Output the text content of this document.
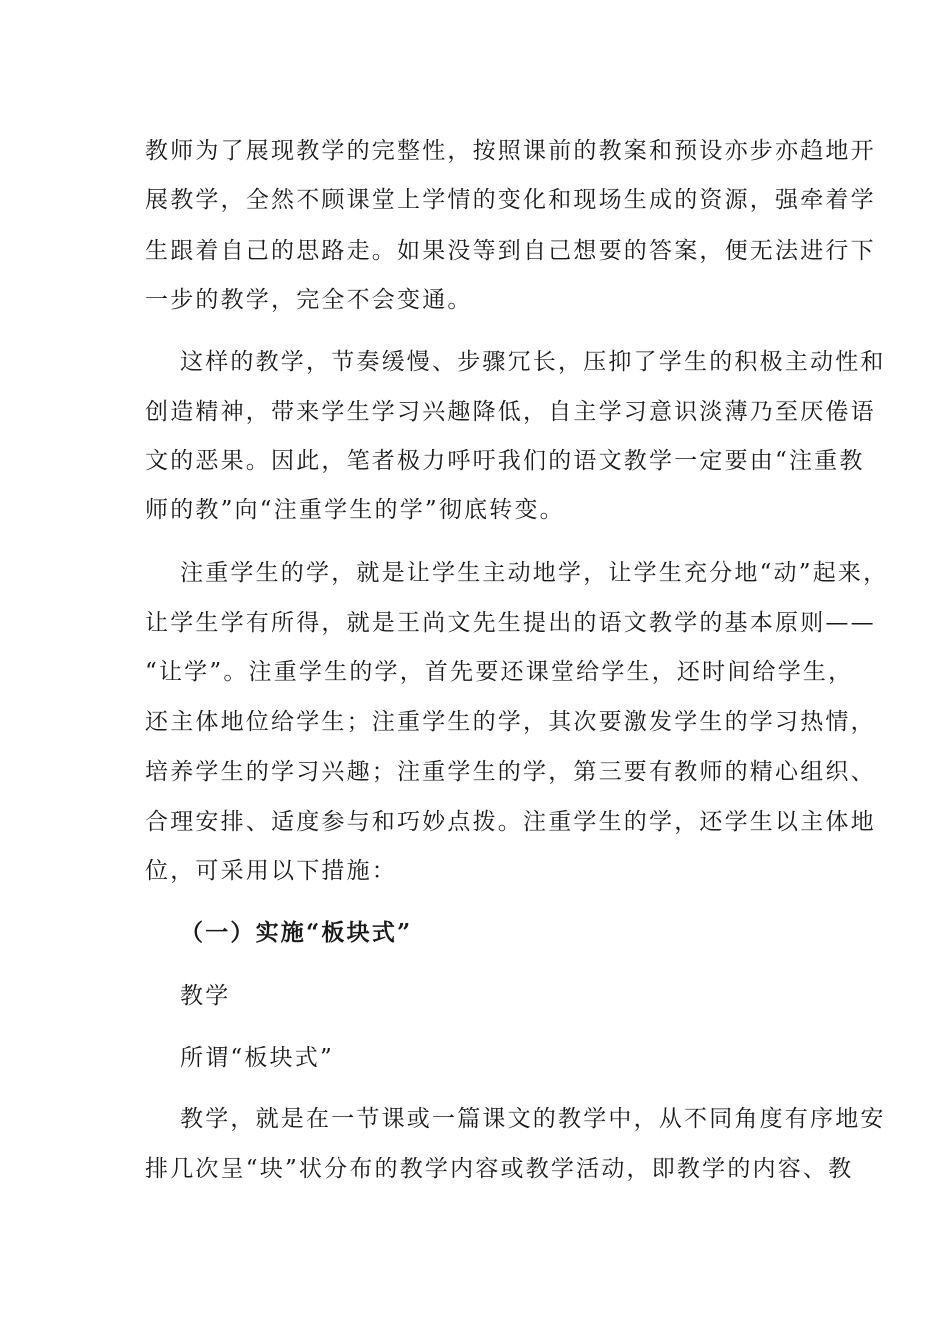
教师为了展现教学的完整性，按照课前的教案和预设亦步亦趋地开
展教学，全然不顾课堂上学情的变化和现场生成的资源，强牵着学
生跟着自己的思路走。如果没等到自己想要的答案，便无法进行下
一步的教学，完全不会变通。
这样的教学，节奏缓慢、步骤冗长，压抑了学生的积极主动性和
创造精神，带来学生学习兴趣降低，自主学习意识淡薄乃至厌倦语
文的恶果。因此，笔者极力呼吁我们的语文教学一定要由“注重教
师的教”向“注重学生的学”彻底转变。
注重学生的学，就是让学生主动地学，让学生充分地“动”起来，
让学生学有所得，就是王尚文先生提出的语文教学的基本原则——
“让学”。注重学生的学，首先要还课堂给学生，还时间给学生，
还主体地位给学生；注重学生的学，其次要激发学生的学习热情，
培养学生的学习兴趣；注重学生的学，第三要有教师的精心组织、
合理安排、适度参与和巧妙点拨。注重学生的学，还学生以主体地
位，可采用以下措施：
（一）实施“板块式”
教学
所谓“板块式”
教学，就是在一节课或一篇课文的教学中，从不同角度有序地安
排几次呈“块”状分布的教学内容或教学活动，即教学的内容、教
